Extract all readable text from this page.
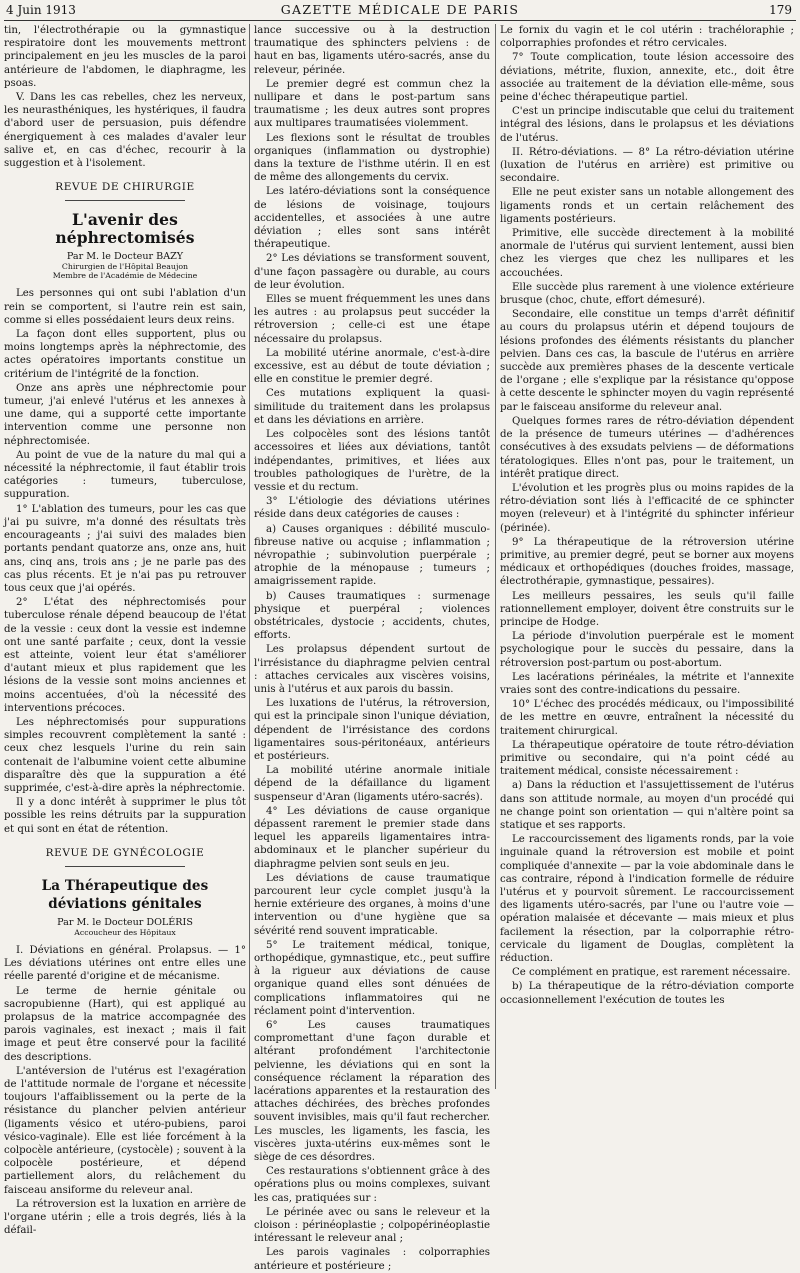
4 Juin 1913	GAZETTE MÉDICALE DE PARIS	179

tin, l'électrothérapie ou la gymnastique respiratoire dont les mouvements mettront principalement en jeu les muscles de la paroi antérieure de l'abdomen, le diaphragme, les psoas.

V. Dans les cas rebelles, chez les nerveux, les neurasthéniques, les hystériques, il faudra d'abord user de persuasion, puis défendre énergiquement à ces malades d'avaler leur salive et, en cas d'échec, recourir à la suggestion et à l'isolement.

REVUE DE CHIRURGIE
L'avenir des néphrectomisés
Par M. le Docteur BAZY
Chirurgien de l'Hôpital Beaujon
Membre de l'Académie de Médecine

Les personnes qui ont subi l'ablation d'un rein se comportent, si l'autre rein est sain, comme si elles possédaient leurs deux reins.

La façon dont elles supportent, plus ou moins longtemps après la néphrectomie, des actes opératoires importants constitue un critérium de l'intégrité de la fonction.

Onze ans après une néphrectomie pour tumeur, j'ai enlevé l'utérus et les annexes à une dame, qui a supporté cette importante intervention comme une personne non néphrectomisée.

Au point de vue de la nature du mal qui a nécessité la néphrectomie, il faut établir trois catégories : tumeurs, tuberculose, suppuration.

1° L'ablation des tumeurs, pour les cas que j'ai pu suivre, m'a donné des résultats très encourageants ; j'ai suivi des malades bien portants pendant quatorze ans, onze ans, huit ans, cinq ans, trois ans ; je ne parle pas des cas plus récents. Et je n'ai pas pu retrouver tous ceux que j'ai opérés.

2° L'état des néphrectomisés pour tuberculose rénale dépend beaucoup de l'état de la vessie : ceux dont la vessie est indemne ont une santé parfaite ; ceux, dont la vessie est atteinte, voient leur état s'améliorer d'autant mieux et plus rapidement que les lésions de la vessie sont moins anciennes et moins accentuées, d'où la nécessité des interventions précoces.

Les néphrectomisés pour suppurations simples recouvrent complètement la santé : ceux chez lesquels l'urine du rein sain contenait de l'albumine voient cette albumine disparaître dès que la suppuration a été supprimée, c'est-à-dire après la néphrectomie.

Il y a donc intérêt à supprimer le plus tôt possible les reins détruits par la suppuration et qui sont en état de rétention.

REVUE DE GYNÉCOLOGIE
La Thérapeutique des déviations génitales
Par M. le Docteur DOLÉRIS
Accoucheur des Hôpitaux

I. Déviations en général. Prolapsus. — 1° Les déviations utérines ont entre elles une réelle parenté d'origine et de mécanisme.

Le terme de hernie génitale ou sacropubienne (Hart), qui est appliqué au prolapsus de la matrice accompagnée des parois vaginales, est inexact ; mais il fait image et peut être conservé pour la facilité des descriptions.

L'antéversion de l'utérus est l'exagération de l'attitude normale de l'organe et nécessite toujours l'affaiblissement ou la perte de la résistance du plancher pelvien antérieur (ligaments vésico et utéro-pubiens, paroi vésico-vaginale). Elle est liée forcément à la colpocèle antérieure, (cystocèle) ; souvent à la colpocèle postérieure, et dépend partiellement alors, du relâchement du faisceau ansiforme du releveur anal.

La rétroversion est la luxation en arrière de l'organe utérin ; elle a trois degrés, liés à la défail-

lance successive ou à la destruction traumatique des sphincters pelviens : de haut en bas, ligaments utéro-sacrés, anse du releveur, périnée.

Le premier degré est commun chez la nullipare et dans le post-partum sans traumatisme ; les deux autres sont propres aux multipares traumatisées violemment.

Les flexions sont le résultat de troubles organiques (inflammation ou dystrophie) dans la texture de l'isthme utérin. Il en est de même des allongements du cervix.

Les latéro-déviations sont la conséquence de lésions de voisinage, toujours accidentelles, et associées à une autre déviation ; elles sont sans intérêt thérapeutique.

2° Les déviations se transforment souvent, d'une façon passagère ou durable, au cours de leur évolution.

Elles se muent fréquemment les unes dans les autres : au prolapsus peut succéder la rétroversion ; celle-ci est une étape nécessaire du prolapsus.

La mobilité utérine anormale, c'est-à-dire excessive, est au début de toute déviation ; elle en constitue le premier degré.

Ces mutations expliquent la quasi-similitude du traitement dans les prolapsus et dans les déviations en arrière.

Les colpocèles sont des lésions tantôt accessoires et liées aux déviations, tantôt indépendantes, primitives, et liées aux troubles pathologiques de l'urètre, de la vessie et du rectum.

3° L'étiologie des déviations utérines réside dans deux catégories de causes :

a) Causes organiques : débilité musculo-fibreuse native ou acquise ; inflammation ; névropathie ; subinvolution puerpérale ; atrophie de la ménopause ; tumeurs ; amaigrissement rapide.

b) Causes traumatiques : surmenage physique et puerpéral ; violences obstétricales, dystocie ; accidents, chutes, efforts.

Les prolapsus dépendent surtout de l'irrésistance du diaphragme pelvien central : attaches cervicales aux viscères voisins, unis à l'utérus et aux parois du bassin.

Les luxations de l'utérus, la rétroversion, qui est la principale sinon l'unique déviation, dépendent de l'irrésistance des cordons ligamentaires sous-péritonéaux, antérieurs et postérieurs.

La mobilité utérine anormale initiale dépend de la défaillance du ligament suspenseur d'Aran (ligaments utéro-sacrés).

4° Les déviations de cause organique dépassent rarement le premier stade dans lequel les appareils ligamentaires intra-abdominaux et le plancher supérieur du diaphragme pelvien sont seuls en jeu.

Les déviations de cause traumatique parcourent leur cycle complet jusqu'à la hernie extérieure des organes, à moins d'une intervention ou d'une hygiène que sa sévérité rend souvent impraticable.

5° Le traitement médical, tonique, orthopédique, gymnastique, etc., peut suffire à la rigueur aux déviations de cause organique quand elles sont dénuées de complications inflammatoires qui ne réclament point d'intervention.

6° Les causes traumatiques compromettant d'une façon durable et altérant profondément l'architectonie pelvienne, les déviations qui en sont la conséquence réclament la réparation des lacérations apparentes et la restauration des attaches déchirées, des brèches profondes souvent invisibles, mais qu'il faut rechercher. Les muscles, les ligaments, les fascia, les viscères juxta-utérins eux-mêmes sont le siège de ces désordres.

Ces restaurations s'obtiennent grâce à des opérations plus ou moins complexes, suivant les cas, pratiquées sur :

Le périnée avec ou sans le releveur et la cloison : périnéoplastie ; colpopérinéoplastie intéressant le releveur anal ;

Les parois vaginales : colporraphies antérieure et postérieure ;

Le fornix du vagin et le col utérin : trachéloraphie ; colporraphies profondes et rétro cervicales.

7° Toute complication, toute lésion accessoire des déviations, métrite, fluxion, annexite, etc., doit être associée au traitement de la déviation elle-même, sous peine d'échec thérapeutique partiel.

C'est un principe indiscutable que celui du traitement intégral des lésions, dans le prolapsus et les déviations de l'utérus.

II. Rétro-déviations. — 8° La rétro-déviation utérine (luxation de l'utérus en arrière) est primitive ou secondaire.

Elle ne peut exister sans un notable allongement des ligaments ronds et un certain relâchement des ligaments postérieurs.

Primitive, elle succède directement à la mobilité anormale de l'utérus qui survient lentement, aussi bien chez les vierges que chez les nullipares et les accouchées.

Elle succède plus rarement à une violence extérieure brusque (choc, chute, effort démesuré).

Secondaire, elle constitue un temps d'arrêt définitif au cours du prolapsus utérin et dépend toujours de lésions profondes des éléments résistants du plancher pelvien. Dans ces cas, la bascule de l'utérus en arrière succède aux premières phases de la descente verticale de l'organe ; elle s'explique par la résistance qu'oppose à cette descente le sphincter moyen du vagin représenté par le faisceau ansiforme du releveur anal.

Quelques formes rares de rétro-déviation dépendent de la présence de tumeurs utérines — d'adhérences consécutives à des exsudats pelviens — de déformations tératologiques. Elles n'ont pas, pour le traitement, un intérêt pratique direct.

L'évolution et les progrès plus ou moins rapides de la rétro-déviation sont liés à l'efficacité de ce sphincter moyen (releveur) et à l'intégrité du sphincter inférieur (périnée).

9° La thérapeutique de la rétroversion utérine primitive, au premier degré, peut se borner aux moyens médicaux et orthopédiques (douches froides, massage, électrothérapie, gymnastique, pessaires).

Les meilleurs pessaires, les seuls qu'il faille rationnellement employer, doivent être construits sur le principe de Hodge.

La période d'involution puerpérale est le moment psychologique pour le succès du pessaire, dans la rétroversion post-partum ou post-abortum.

Les lacérations périnéales, la métrite et l'annexite vraies sont des contre-indications du pessaire.

10° L'échec des procédés médicaux, ou l'impossibilité de les mettre en œuvre, entraînent la nécessité du traitement chirurgical.

La thérapeutique opératoire de toute rétro-déviation primitive ou secondaire, qui n'a point cédé au traitement médical, consiste nécessairement :

a) Dans la réduction et l'assujettissement de l'utérus dans son attitude normale, au moyen d'un procédé qui ne change point son orientation — qui n'altère point sa statique et ses rapports.

Le raccourcissement des ligaments ronds, par la voie inguinale quand la rétroversion est mobile et point compliquée d'annexite — par la voie abdominale dans le cas contraire, répond à l'indication formelle de réduire l'utérus et y pourvoit sûrement. Le raccourcissement des ligaments utéro-sacrés, par l'une ou l'autre voie — opération malaisée et décevante — mais mieux et plus facilement la résection, par la colporraphie rétro-cervicale du ligament de Douglas, complètent la réduction.

Ce complément en pratique, est rarement nécessaire.

b) La thérapeutique de la rétro-déviation comporte occasionnellement l'exécution de toutes les
